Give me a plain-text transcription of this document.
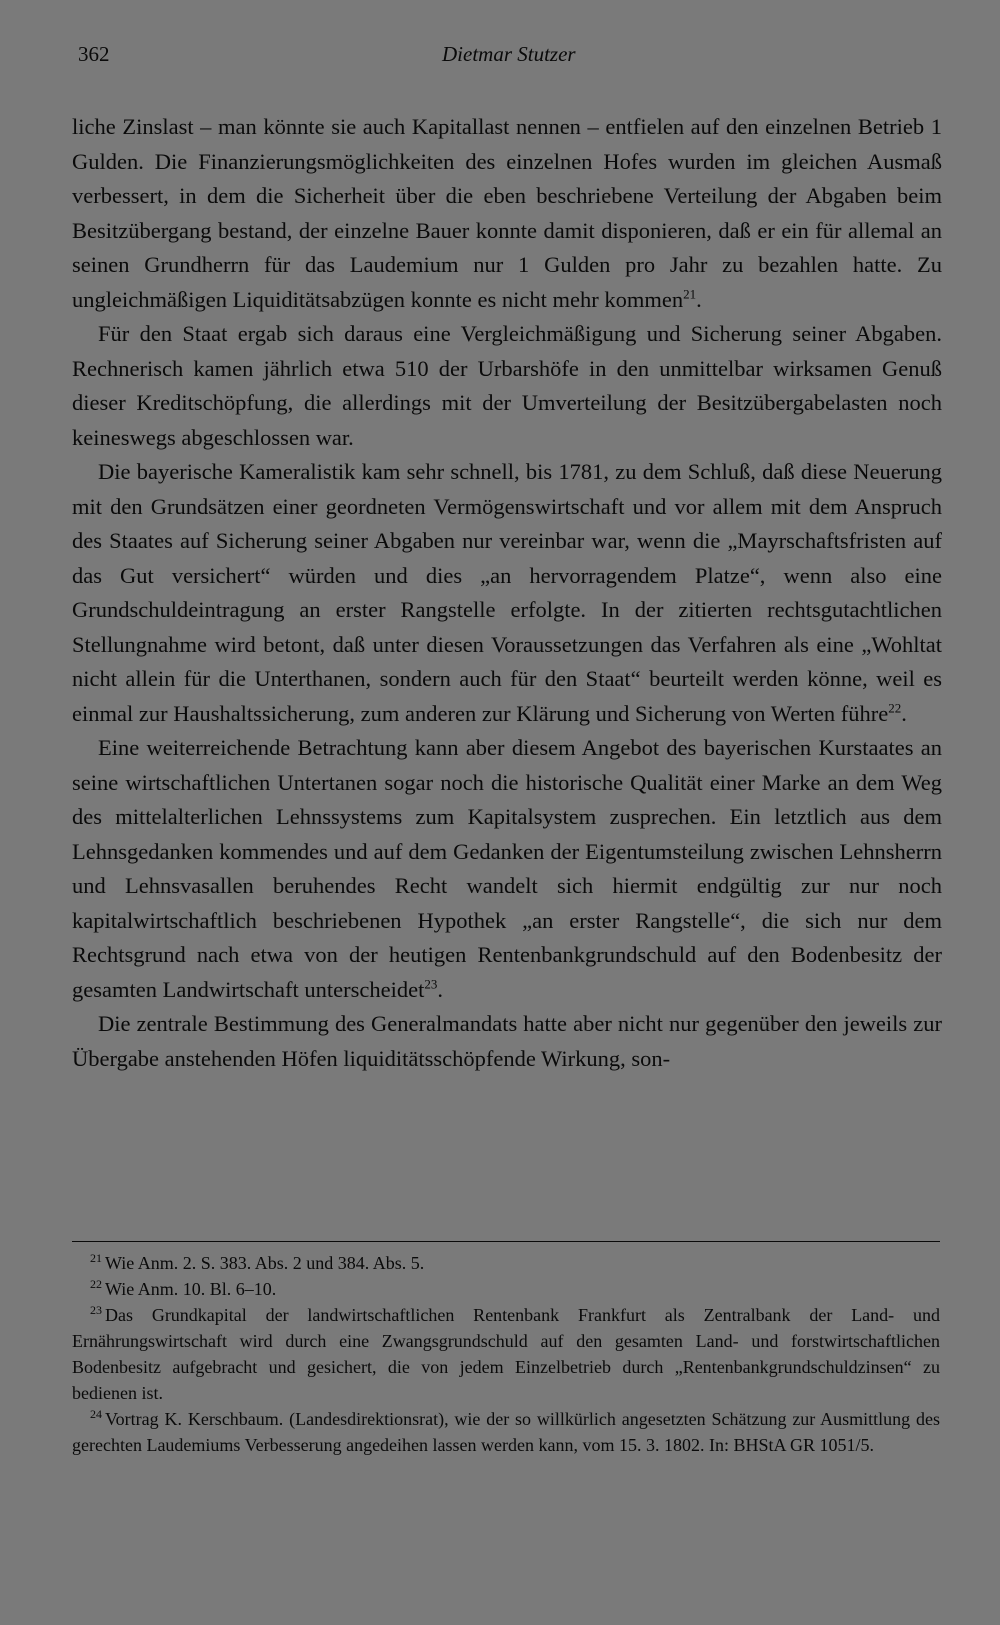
362	Dietmar Stutzer

liche Zinslast – man könnte sie auch Kapitallast nennen – entfielen auf den einzelnen Betrieb 1 Gulden. Die Finanzierungsmöglichkeiten des einzelnen Hofes wurden im gleichen Ausmaß verbessert, in dem die Sicherheit über die eben beschriebene Verteilung der Abgaben beim Besitzübergang bestand, der einzelne Bauer konnte damit disponieren, daß er ein für allemal an seinen Grundherrn für das Laudemium nur 1 Gulden pro Jahr zu bezahlen hatte. Zu ungleichmäßigen Liquiditätsabzügen konnte es nicht mehr kommen$^{21}$.

Für den Staat ergab sich daraus eine Vergleichmäßigung und Sicherung seiner Abgaben. Rechnerisch kamen jährlich etwa 510 der Urbarshöfe in den unmittelbar wirksamen Genuß dieser Kreditschöpfung, die allerdings mit der Umverteilung der Besitzübergabelasten noch keineswegs abgeschlossen war.

Die bayerische Kameralistik kam sehr schnell, bis 1781, zu dem Schluß, daß diese Neuerung mit den Grundsätzen einer geordneten Vermögenswirtschaft und vor allem mit dem Anspruch des Staates auf Sicherung seiner Abgaben nur vereinbar war, wenn die „Mayrschaftsfristen auf das Gut versichert“ würden und dies „an hervorragendem Platze“, wenn also eine Grundschuldeintragung an erster Rangstelle erfolgte. In der zitierten rechtsgutachtlichen Stellungnahme wird betont, daß unter diesen Voraussetzungen das Verfahren als eine „Wohltat nicht allein für die Unterthanen, sondern auch für den Staat“ beurteilt werden könne, weil es einmal zur Haushaltssicherung, zum anderen zur Klärung und Sicherung von Werten führe$^{22}$.

Eine weiterreichende Betrachtung kann aber diesem Angebot des bayerischen Kurstaates an seine wirtschaftlichen Untertanen sogar noch die historische Qualität einer Marke an dem Weg des mittelalterlichen Lehnssystems zum Kapitalsystem zusprechen. Ein letztlich aus dem Lehnsgedanken kommendes und auf dem Gedanken der Eigentumsteilung zwischen Lehnsherrn und Lehnsvasallen beruhendes Recht wandelt sich hiermit endgültig zur nur noch kapitalwirtschaftlich beschriebenen Hypothek „an erster Rangstelle“, die sich nur dem Rechtsgrund nach etwa von der heutigen Rentenbankgrundschuld auf den Bodenbesitz der gesamten Landwirtschaft unterscheidet$^{23}$.

Die zentrale Bestimmung des Generalmandats hatte aber nicht nur gegenüber den jeweils zur Übergabe anstehenden Höfen liquiditätsschöpfende Wirkung, son-

$^{21}$ Wie Anm. 2. S. 383. Abs. 2 und 384. Abs. 5.

$^{22}$ Wie Anm. 10. Bl. 6–10.

$^{23}$ Das Grundkapital der landwirtschaftlichen Rentenbank Frankfurt als Zentralbank der Land- und Ernährungswirtschaft wird durch eine Zwangsgrundschuld auf den gesamten Land- und forstwirtschaftlichen Bodenbesitz aufgebracht und gesichert, die von jedem Einzelbetrieb durch „Rentenbankgrundschuldzinsen“ zu bedienen ist.

$^{24}$ Vortrag K. Kerschbaum. (Landesdirektionsrat), wie der so willkürlich angesetzten Schätzung zur Ausmittlung des gerechten Laudemiums Verbesserung angedeihen lassen werden kann, vom 15. 3. 1802. In: BHStA GR 1051/5.
